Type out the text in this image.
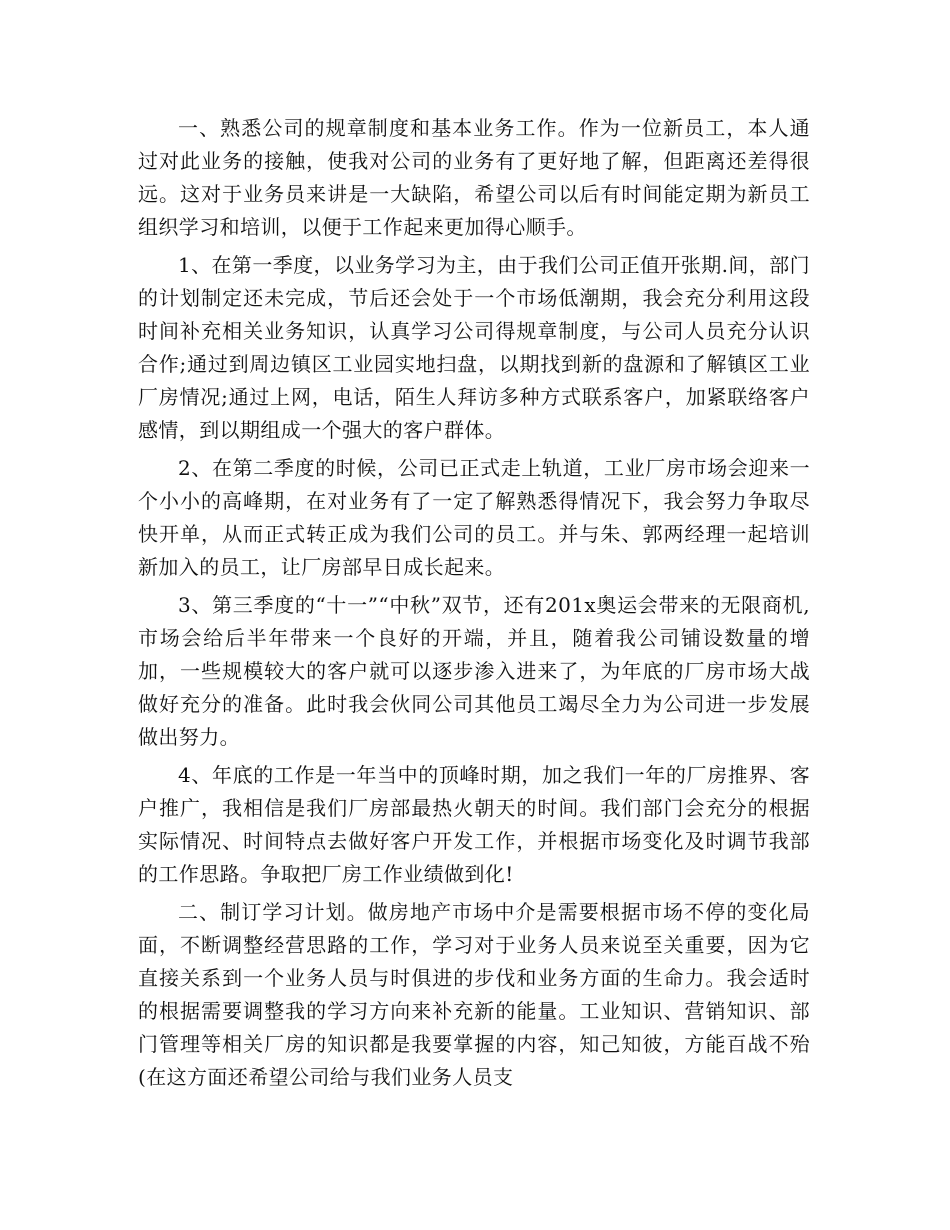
一、熟悉公司的规章制度和基本业务工作。作为一位新员工，本人通过对此业务的接触，使我对公司的业务有了更好地了解，但距离还差得很远。这对于业务员来讲是一大缺陷，希望公司以后有时间能定期为新员工组织学习和培训，以便于工作起来更加得心顺手。

1、在第一季度，以业务学习为主，由于我们公司正值开张期.间，部门的计划制定还未完成，节后还会处于一个市场低潮期，我会充分利用这段时间补充相关业务知识，认真学习公司得规章制度，与公司人员充分认识合作;通过到周边镇区工业园实地扫盘，以期找到新的盘源和了解镇区工业厂房情况;通过上网，电话，陌生人拜访多种方式联系客户，加紧联络客户感情，到以期组成一个强大的客户群体。

2、在第二季度的时候，公司已正式走上轨道，工业厂房市场会迎来一个小小的高峰期，在对业务有了一定了解熟悉得情况下，我会努力争取尽快开单，从而正式转正成为我们公司的员工。并与朱、郭两经理一起培训新加入的员工，让厂房部早日成长起来。

3、第三季度的“十一”“中秋”双节，还有201x奥运会带来的无限商机,市场会给后半年带来一个良好的开端，并且，随着我公司铺设数量的增加，一些规模较大的客户就可以逐步渗入进来了，为年底的厂房市场大战做好充分的准备。此时我会伙同公司其他员工竭尽全力为公司进一步发展做出努力。

4、年底的工作是一年当中的顶峰时期，加之我们一年的厂房推界、客户推广，我相信是我们厂房部最热火朝天的时间。我们部门会充分的根据实际情况、时间特点去做好客户开发工作，并根据市场变化及时调节我部的工作思路。争取把厂房工作业绩做到化!

二、制订学习计划。做房地产市场中介是需要根据市场不停的变化局面，不断调整经营思路的工作，学习对于业务人员来说至关重要，因为它直接关系到一个业务人员与时俱进的步伐和业务方面的生命力。我会适时的根据需要调整我的学习方向来补充新的能量。工业知识、营销知识、部门管理等相关厂房的知识都是我要掌握的内容，知己知彼，方能百战不殆(在这方面还希望公司给与我们业务人员支
